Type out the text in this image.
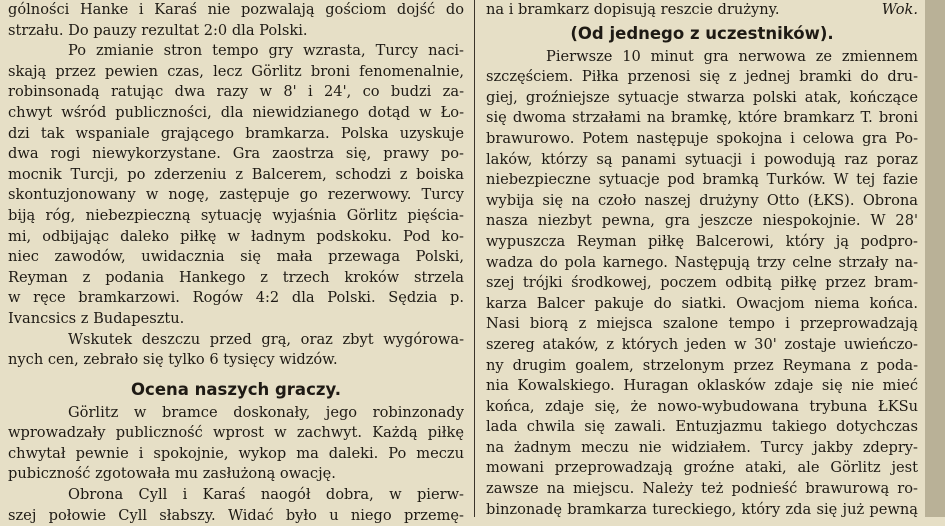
gólności Hanke i Karaś nie pozwalają gościom dojść do
strzału. Do pauzy rezultat 2:0 dla Polski.
Po zmianie stron tempo gry wzrasta, Turcy naci-
skają przez pewien czas, lecz Görlitz broni fenomenalnie,
robinsonadą ratując dwa razy w 8' i 24', co budzi za-
chwyt wśród publiczności, dla niewidzianego dotąd w Ło-
dzi tak wspaniale grającego bramkarza. Polska uzyskuje
dwa rogi niewykorzystane. Gra zaostrza się, prawy po-
mocnik Turcji, po zderzeniu z Balcerem, schodzi z boiska
skontuzjonowany w nogę, zastępuje go rezerwowy. Turcy
biją róg, niebezpieczną sytuację wyjaśnia Görlitz pięścia-
mi, odbijając daleko piłkę w ładnym podskoku. Pod ko-
niec zawodów, uwidacznia się mała przewaga Polski,
Reyman z podania Hankego z trzech kroków strzela
w ręce bramkarzowi. Rogów 4:2 dla Polski. Sędzia p.
Ivancsics z Budapesztu.
Wskutek deszczu przed grą, oraz zbyt wygórowa-
nych cen, zebrało się tylko 6 tysięcy widzów.
Ocena naszych graczy.
Görlitz w bramce doskonały, jego robinzonady
wprowadzały publiczność wprost w zachwyt. Każdą piłkę
chwytał pewnie i spokojnie, wykop ma daleki. Po meczu
pubiczność zgotowała mu zasłużoną owację.
Obrona Cyll i Karaś naogół dobra, w pierw-
szej połowie Cyll słabszy. Widać było u niego przemę-
na i bramkarz dopisują reszcie drużyny.	Wok.
(Od jednego z uczestników).
Pierwsze 10 minut gra nerwowa ze zmiennem
szczęściem. Piłka przenosi się z jednej bramki do dru-
giej, groźniejsze sytuacje stwarza polski atak, kończące
się dwoma strzałami na bramkę, które bramkarz T. broni
brawurowo. Potem następuje spokojna i celowa gra Po-
laków, którzy są panami sytuacji i powodują raz poraz
niebezpieczne sytuacje pod bramką Turków. W tej fazie
wybija się na czoło naszej drużyny Otto (ŁKS). Obrona
nasza niezbyt pewna, gra jeszcze niespokojnie. W 28'
wypuszcza Reyman piłkę Balcerowi, który ją podpro-
wadza do pola karnego. Następują trzy celne strzały na-
szej trójki środkowej, poczem odbitą piłkę przez bram-
karza Balcer pakuje do siatki. Owacjom niema końca.
Nasi biorą z miejsca szalone tempo i przeprowadzają
szereg ataków, z których jeden w 30' zostaje uwieńczo-
ny drugim goalem, strzelonym przez Reymana z poda-
nia Kowalskiego. Huragan oklasków zdaje się nie mieć
końca, zdaje się, że nowo-wybudowana trybuna ŁKSu
lada chwila się zawali. Entuzjazmu takiego dotychczas
na żadnym meczu nie widziałem. Turcy jakby zdepry-
mowani przeprowadzają groźne ataki, ale Görlitz jest
zawsze na miejscu. Należy też podnieść brawurową ro-
binzonadę bramkarza tureckiego, który zda się już pewną
